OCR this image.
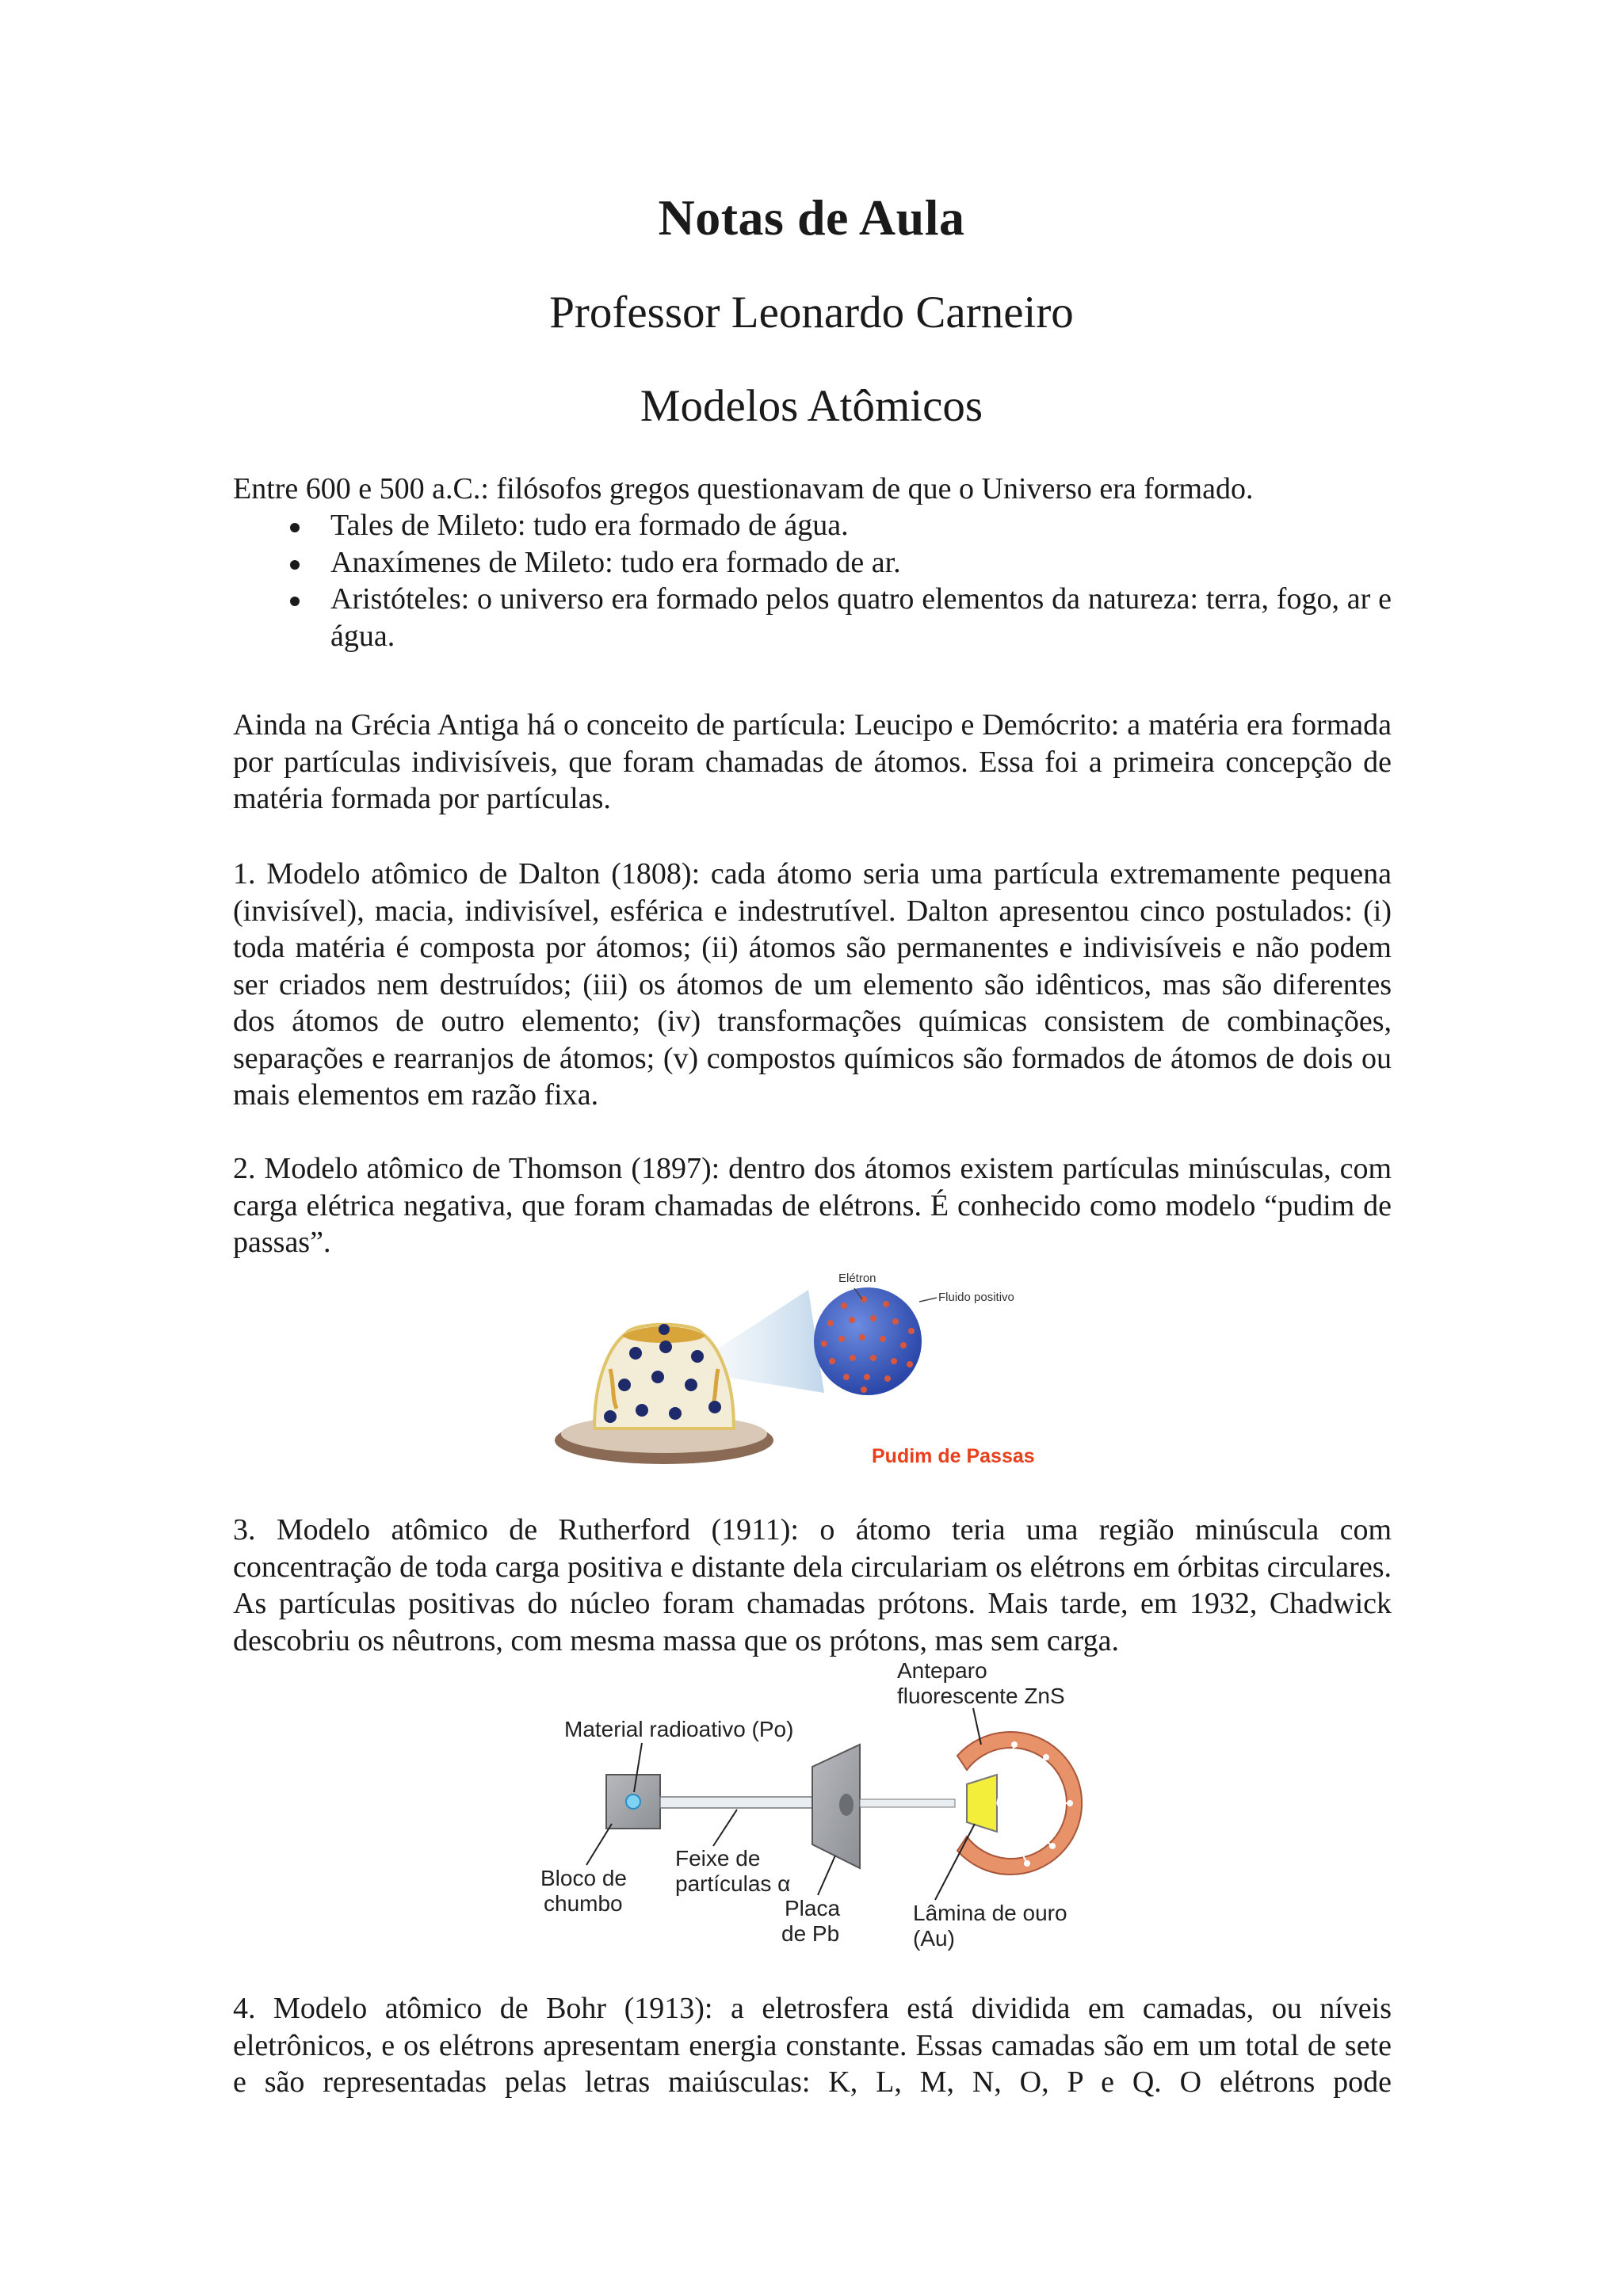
Notas de Aula
Professor Leonardo Carneiro
Modelos Atômicos
Entre 600 e 500 a.C.: filósofos gregos questionavam de que o Universo era formado.
Tales de Mileto: tudo era formado de água.
Anaxímenes de Mileto: tudo era formado de ar.
Aristóteles: o universo era formado pelos quatro elementos da natureza: terra, fogo, ar e água.
Ainda na Grécia Antiga há o conceito de partícula: Leucipo e Demócrito: a matéria era formada por partículas indivisíveis, que foram chamadas de átomos. Essa foi a primeira concepção de matéria formada por partículas.
1. Modelo atômico de Dalton (1808): cada átomo seria uma partícula extremamente pequena (invisível), macia, indivisível, esférica e indestrutível. Dalton apresentou cinco postulados: (i) toda matéria é composta por átomos; (ii) átomos são permanentes e indivisíveis e não podem ser criados nem destruídos; (iii) os átomos de um elemento são idênticos, mas são diferentes dos átomos de outro elemento; (iv) transformações químicas consistem de combinações, separações e rearranjos de átomos; (v) compostos químicos são formados de átomos de dois ou mais elementos em razão fixa.
2. Modelo atômico de Thomson (1897): dentro dos átomos existem partículas minúsculas, com carga elétrica negativa, que foram chamadas de elétrons. É conhecido como modelo “pudim de passas”.
Elétron
Fluido positivo
Pudim de Passas
3. Modelo atômico de Rutherford (1911): o átomo teria uma região minúscula com concentração de toda carga positiva e distante dela circulariam os elétrons em órbitas circulares. As partículas positivas do núcleo foram chamadas prótons. Mais tarde, em 1932, Chadwick descobriu os nêutrons, com mesma massa que os prótons, mas sem carga.
Anteparo
fluorescente ZnS
Material radioativo (Po)
Feixe de
partículas α
Bloco de
chumbo	Placa
de Pb
Lâmina de ouro
(Au)
4. Modelo atômico de Bohr (1913): a eletrosfera está dividida em camadas, ou níveis eletrônicos, e os elétrons apresentam energia constante. Essas camadas são em um total de sete e são representadas pelas letras maiúsculas: K, L, M, N, O, P e Q. O elétrons pode
